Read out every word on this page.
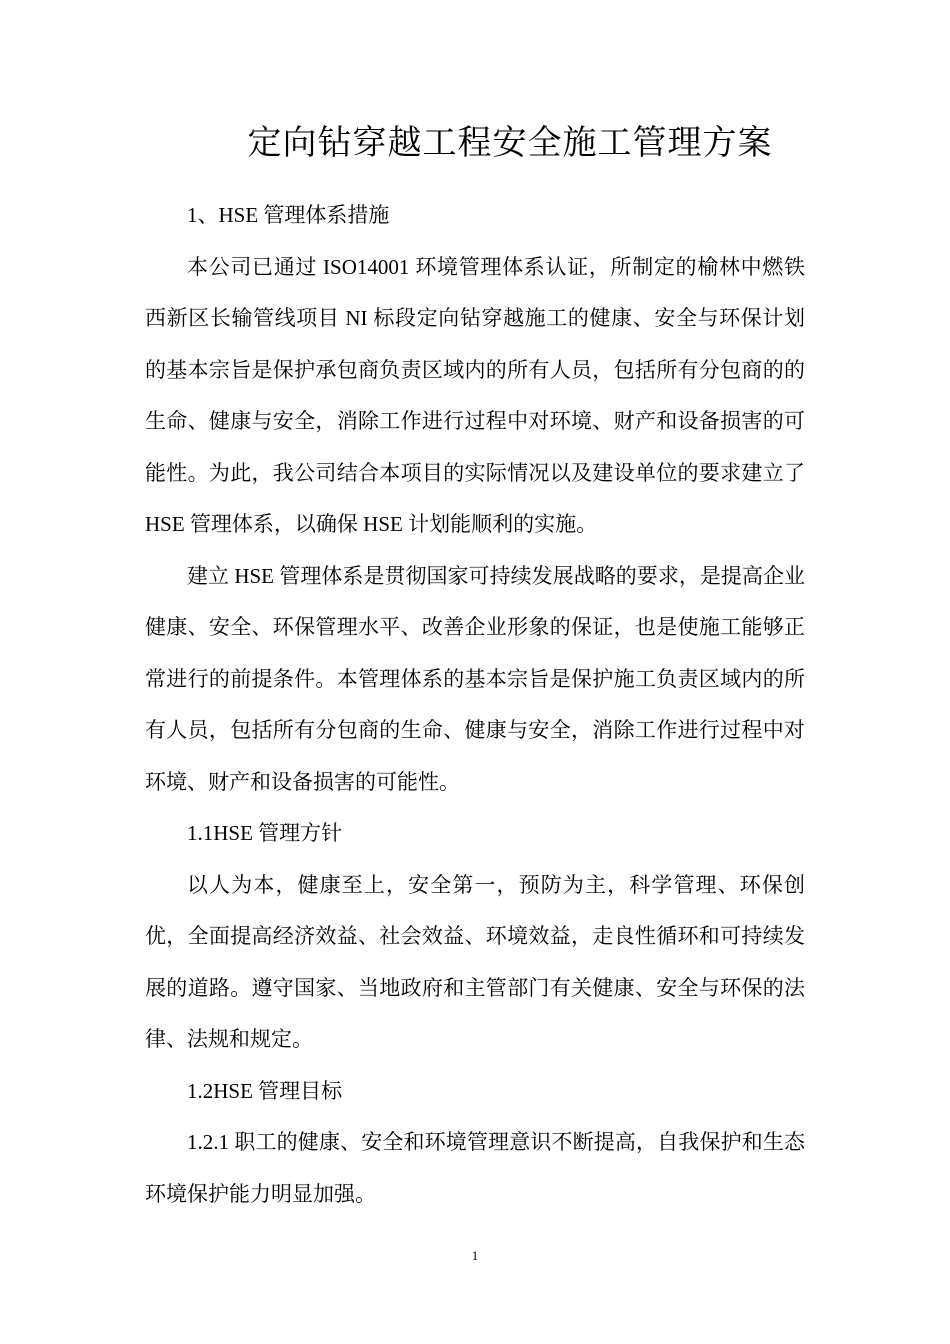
定向钻穿越工程安全施工管理方案

1、HSE 管理体系措施

本公司已通过 ISO14001 环境管理体系认证，所制定的榆林中燃铁西新区长输管线项目 NI 标段定向钻穿越施工的健康、安全与环保计划的基本宗旨是保护承包商负责区域内的所有人员，包括所有分包商的的生命、健康与安全，消除工作进行过程中对环境、财产和设备损害的可能性。为此，我公司结合本项目的实际情况以及建设单位的要求建立了 HSE 管理体系，以确保 HSE 计划能顺利的实施。

建立 HSE 管理体系是贯彻国家可持续发展战略的要求，是提高企业健康、安全、环保管理水平、改善企业形象的保证，也是使施工能够正常进行的前提条件。本管理体系的基本宗旨是保护施工负责区域内的所有人员，包括所有分包商的生命、健康与安全，消除工作进行过程中对环境、财产和设备损害的可能性。

1.1HSE 管理方针

以人为本，健康至上，安全第一，预防为主，科学管理、环保创优，全面提高经济效益、社会效益、环境效益，走良性循环和可持续发展的道路。遵守国家、当地政府和主管部门有关健康、安全与环保的法律、法规和规定。

1.2HSE 管理目标

1.2.1 职工的健康、安全和环境管理意识不断提高，自我保护和生态环境保护能力明显加强。

1
